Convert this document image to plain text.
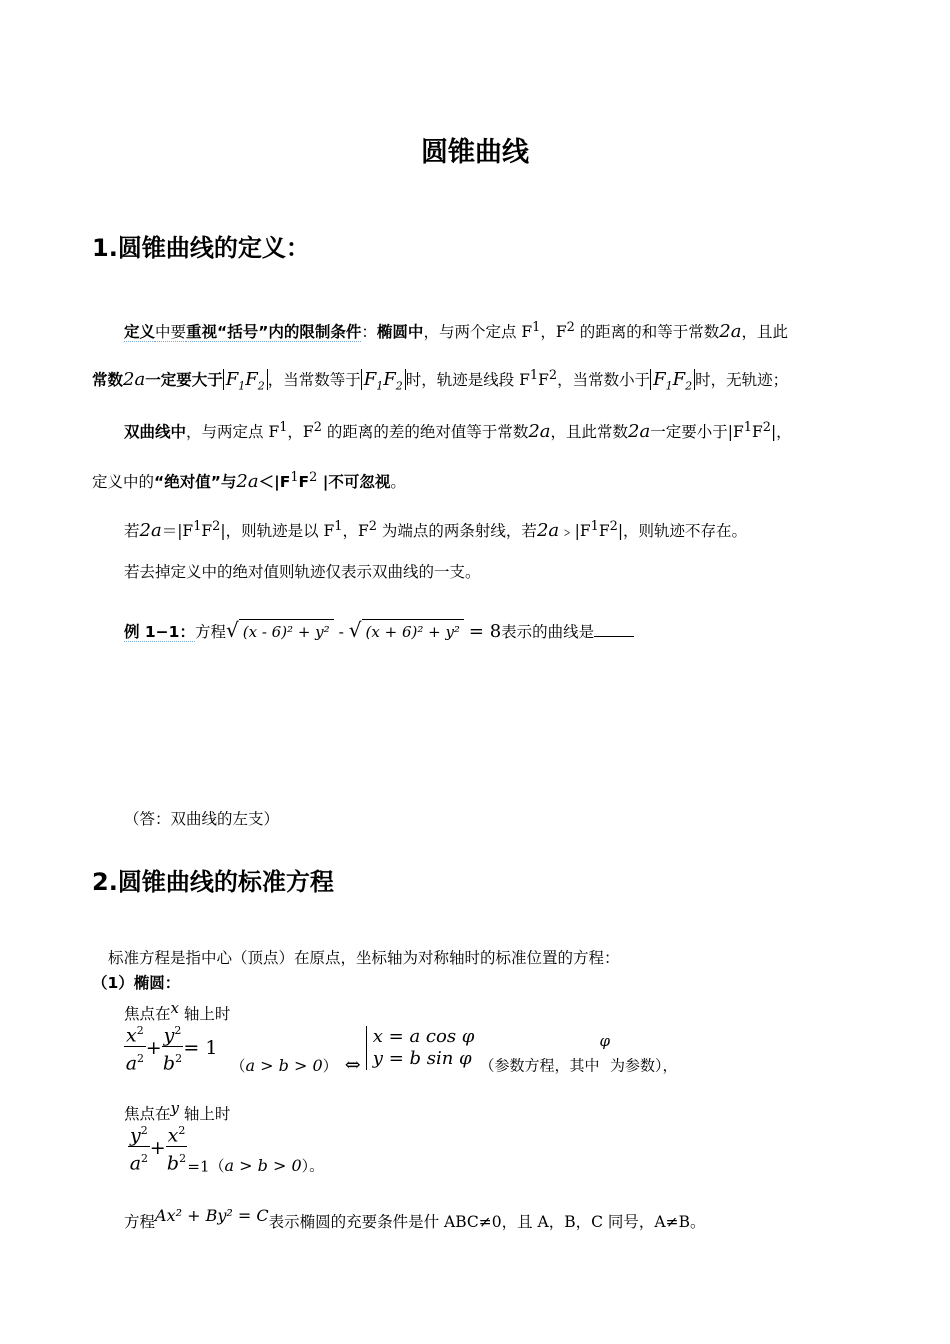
圆锥曲线
1.圆锥曲线的定义：
定义中要重视“括号”内的限制条件：椭圆中，与两个定点 $F^1$，$F^2$ 的距离的和等于常数2a，且此
常数2a一定要大于 $F_1F_2$ ，当常数等于 $F_1F_2$ 时，轨迹是线段 $F^1F^2$，当常数小于 $F_1F_2$ 时，无轨迹；
双曲线中，与两定点 $F^1$，$F^2$ 的距离的差的绝对值等于常数2a，且此常数2a一定要小于$|F^1F^2|$，
定义中的“绝对值”与$2a<|F^1F^2$ |不可忽视。
若$2a=|F^1F^2|$，则轨迹是以 $F^1$，$F^2$ 为端点的两条射线，若$2a﹥|F^1F^2|$，则轨迹不存在。
若去掉定义中的绝对值则轨迹仅表示双曲线的一支。
例 1−1：方程√ (x - 6)² + y² - √ (x + 6)² + y² = 8表示的曲线是
（答：双曲线的左支）
2.圆锥曲线的标准方程
标准方程是指中心（顶点）在原点，坐标轴为对称轴时的标准位置的方程：
（1）椭圆：
焦点在x 轴上时
$\frac{x^2}{a^2} + \frac{y^2}{b^2} = 1$ （a > b > 0） ⇔
x = a cos φ
y = b sin φ （参数方程，其中φ为参数），
焦点在y 轴上时
$\frac{y^2}{a^2} + \frac{x^2}{b^2} =1(a > b > 0)$。
方程Ax² + By² = C表示椭圆的充要条件是什 ABC≠0，且 A，B，C 同号，A≠B。
